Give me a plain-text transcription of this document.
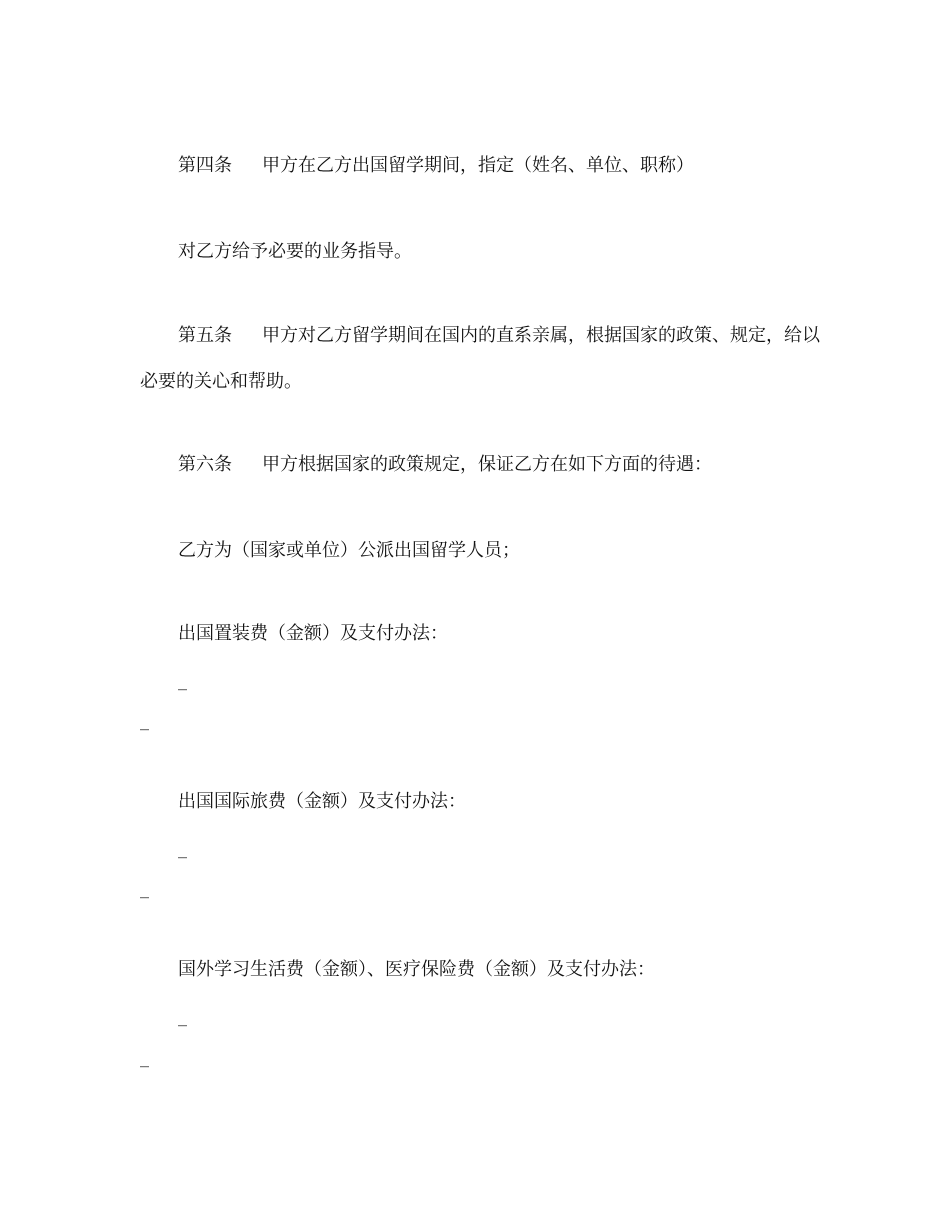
第四条 甲方在乙方出国留学期间，指定（姓名、单位、职称）
对乙方给予必要的业务指导。
第五条 甲方对乙方留学期间在国内的直系亲属，根据国家的政策、规定，给以
必要的关心和帮助。
第六条 甲方根据国家的政策规定，保证乙方在如下方面的待遇：
乙方为（国家或单位）公派出国留学人员；
出国置装费（金额）及支付办法：
_
_
出国国际旅费（金额）及支付办法：
_
_
国外学习生活费（金额）、医疗保险费（金额）及支付办法：
_
_
